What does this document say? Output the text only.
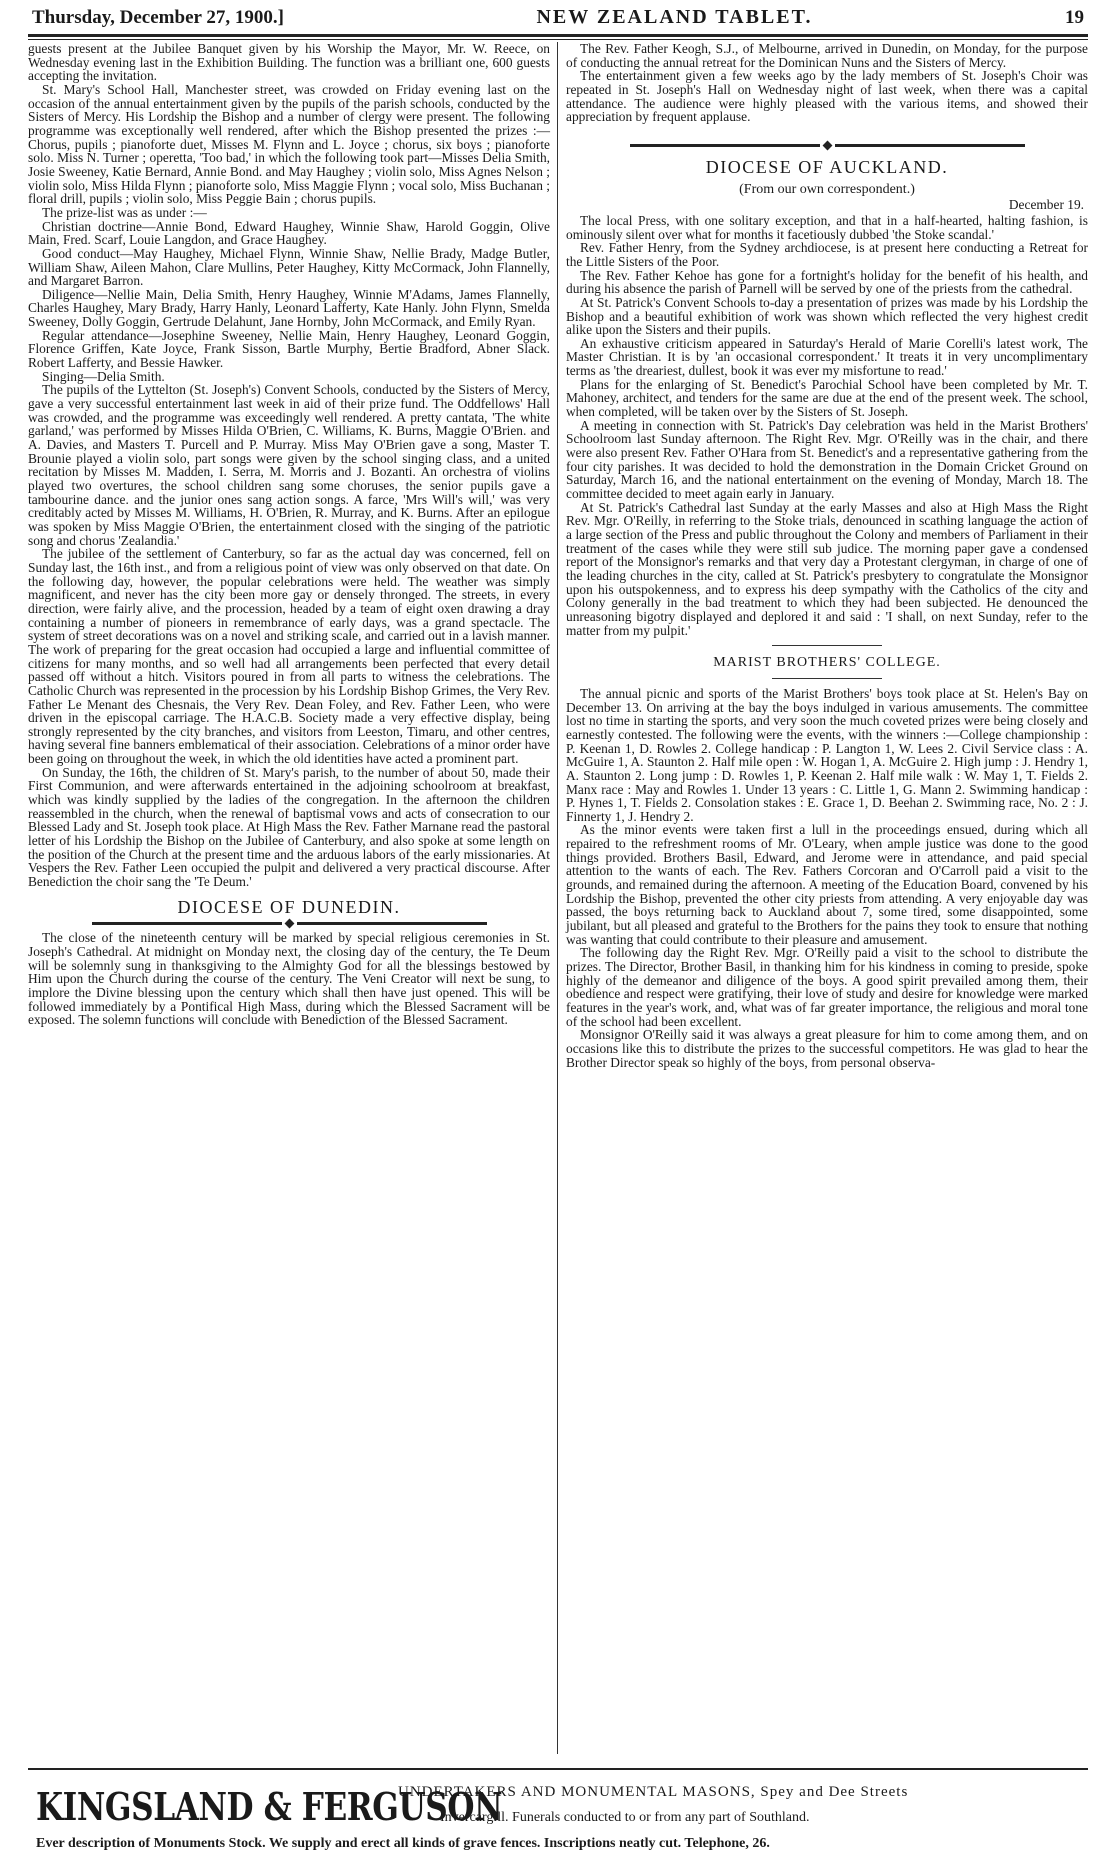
Thursday, December 27, 1900.]	NEW ZEALAND TABLET.	19

guests present at the Jubilee Banquet given by his Worship the Mayor, Mr. W. Reece, on Wednesday evening last in the Exhibition Building. The function was a brilliant one, 600 guests accepting the invitation.

St. Mary's School Hall, Manchester street, was crowded on Friday evening last on the occasion of the annual entertainment given by the pupils of the parish schools, conducted by the Sisters of Mercy. His Lordship the Bishop and a number of clergy were present. The following programme was exceptionally well rendered, after which the Bishop presented the prizes :—Chorus, pupils ; pianoforte duet, Misses M. Flynn and L. Joyce ; chorus, six boys ; pianoforte solo. Miss N. Turner ; operetta, 'Too bad,' in which the following took part—Misses Delia Smith, Josie Sweeney, Katie Bernard, Annie Bond. and May Haughey ; violin solo, Miss Agnes Nelson ; violin solo, Miss Hilda Flynn ; pianoforte solo, Miss Maggie Flynn ; vocal solo, Miss Buchanan ; floral drill, pupils ; violin solo, Miss Peggie Bain ; chorus pupils.

The prize-list was as under :—

Christian doctrine—Annie Bond, Edward Haughey, Winnie Shaw, Harold Goggin, Olive Main, Fred. Scarf, Louie Langdon, and Grace Haughey.

Good conduct—May Haughey, Michael Flynn, Winnie Shaw, Nellie Brady, Madge Butler, William Shaw, Aileen Mahon, Clare Mullins, Peter Haughey, Kitty McCormack, John Flannelly, and Margaret Barron.

Diligence—Nellie Main, Delia Smith, Henry Haughey, Winnie M'Adams, James Flannelly, Charles Haughey, Mary Brady, Harry Hanly, Leonard Lafferty, Kate Hanly. John Flynn, Smelda Sweeney, Dolly Goggin, Gertrude Delahunt, Jane Hornby, John McCormack, and Emily Ryan.

Regular attendance—Josephine Sweeney, Nellie Main, Henry Haughey, Leonard Goggin, Florence Griffen, Kate Joyce, Frank Sisson, Bartle Murphy, Bertie Bradford, Abner Slack. Robert Lafferty, and Bessie Hawker.

Singing—Delia Smith.

The pupils of the Lyttelton (St. Joseph's) Convent Schools, conducted by the Sisters of Mercy, gave a very successful entertainment last week in aid of their prize fund. The Oddfellows' Hall was crowded, and the programme was exceedingly well rendered. A pretty cantata, 'The white garland,' was performed by Misses Hilda O'Brien, C. Williams, K. Burns, Maggie O'Brien. and A. Davies, and Masters T. Purcell and P. Murray. Miss May O'Brien gave a song, Master T. Brounie played a violin solo, part songs were given by the school singing class, and a united recitation by Misses M. Madden, I. Serra, M. Morris and J. Bozanti. An orchestra of violins played two overtures, the school children sang some choruses, the senior pupils gave a tambourine dance. and the junior ones sang action songs. A farce, 'Mrs Will's will,' was very creditably acted by Misses M. Williams, H. O'Brien, R. Murray, and K. Burns. After an epilogue was spoken by Miss Maggie O'Brien, the entertainment closed with the singing of the patriotic song and chorus 'Zealandia.'

The jubilee of the settlement of Canterbury, so far as the actual day was concerned, fell on Sunday last, the 16th inst., and from a religious point of view was only observed on that date. On the following day, however, the popular celebrations were held. The weather was simply magnificent, and never has the city been more gay or densely thronged. The streets, in every direction, were fairly alive, and the procession, headed by a team of eight oxen drawing a dray containing a number of pioneers in remembrance of early days, was a grand spectacle. The system of street decorations was on a novel and striking scale, and carried out in a lavish manner. The work of preparing for the great occasion had occupied a large and influential committee of citizens for many months, and so well had all arrangements been perfected that every detail passed off without a hitch. Visitors poured in from all parts to witness the celebrations. The Catholic Church was represented in the procession by his Lordship Bishop Grimes, the Very Rev. Father Le Menant des Chesnais, the Very Rev. Dean Foley, and Rev. Father Leen, who were driven in the episcopal carriage. The H.A.C.B. Society made a very effective display, being strongly represented by the city branches, and visitors from Leeston, Timaru, and other centres, having several fine banners emblematical of their association. Celebrations of a minor order have been going on throughout the week, in which the old identities have acted a prominent part.

On Sunday, the 16th, the children of St. Mary's parish, to the number of about 50, made their First Communion, and were afterwards entertained in the adjoining schoolroom at breakfast, which was kindly supplied by the ladies of the congregation. In the afternoon the children reassembled in the church, when the renewal of baptismal vows and acts of consecration to our Blessed Lady and St. Joseph took place. At High Mass the Rev. Father Marnane read the pastoral letter of his Lordship the Bishop on the Jubilee of Canterbury, and also spoke at some length on the position of the Church at the present time and the arduous labors of the early missionaries. At Vespers the Rev. Father Leen occupied the pulpit and delivered a very practical discourse. After Benediction the choir sang the 'Te Deum.'

DIOCESE OF DUNEDIN.

The close of the nineteenth century will be marked by special religious ceremonies in St. Joseph's Cathedral. At midnight on Monday next, the closing day of the century, the Te Deum will be solemnly sung in thanksgiving to the Almighty God for all the blessings bestowed by Him upon the Church during the course of the century. The Veni Creator will next be sung, to implore the Divine blessing upon the century which shall then have just opened. This will be followed immediately by a Pontifical High Mass, during which the Blessed Sacrament will be exposed. The solemn functions will conclude with Benediction of the Blessed Sacrament.

The Rev. Father Keogh, S.J., of Melbourne, arrived in Dunedin, on Monday, for the purpose of conducting the annual retreat for the Dominican Nuns and the Sisters of Mercy.

The entertainment given a few weeks ago by the lady members of St. Joseph's Choir was repeated in St. Joseph's Hall on Wednesday night of last week, when there was a capital attendance. The audience were highly pleased with the various items, and showed their appreciation by frequent applause.

DIOCESE OF AUCKLAND.
(From our own correspondent.)
December 19.

The local Press, with one solitary exception, and that in a half-hearted, halting fashion, is ominously silent over what for months it facetiously dubbed 'the Stoke scandal.'

Rev. Father Henry, from the Sydney archdiocese, is at present here conducting a Retreat for the Little Sisters of the Poor.

The Rev. Father Kehoe has gone for a fortnight's holiday for the benefit of his health, and during his absence the parish of Parnell will be served by one of the priests from the cathedral.

At St. Patrick's Convent Schools to-day a presentation of prizes was made by his Lordship the Bishop and a beautiful exhibition of work was shown which reflected the very highest credit alike upon the Sisters and their pupils.

An exhaustive criticism appeared in Saturday's Herald of Marie Corelli's latest work, The Master Christian. It is by 'an occasional correspondent.' It treats it in very uncomplimentary terms as 'the dreariest, dullest, book it was ever my misfortune to read.'

Plans for the enlarging of St. Benedict's Parochial School have been completed by Mr. T. Mahoney, architect, and tenders for the same are due at the end of the present week. The school, when completed, will be taken over by the Sisters of St. Joseph.

A meeting in connection with St. Patrick's Day celebration was held in the Marist Brothers' Schoolroom last Sunday afternoon. The Right Rev. Mgr. O'Reilly was in the chair, and there were also present Rev. Father O'Hara from St. Benedict's and a representative gathering from the four city parishes. It was decided to hold the demonstration in the Domain Cricket Ground on Saturday, March 16, and the national entertainment on the evening of Monday, March 18. The committee decided to meet again early in January.

At St. Patrick's Cathedral last Sunday at the early Masses and also at High Mass the Right Rev. Mgr. O'Reilly, in referring to the Stoke trials, denounced in scathing language the action of a large section of the Press and public throughout the Colony and members of Parliament in their treatment of the cases while they were still sub judice. The morning paper gave a condensed report of the Monsignor's remarks and that very day a Protestant clergyman, in charge of one of the leading churches in the city, called at St. Patrick's presbytery to congratulate the Monsignor upon his outspokenness, and to express his deep sympathy with the Catholics of the city and Colony generally in the bad treatment to which they had been subjected. He denounced the unreasoning bigotry displayed and deplored it and said : 'I shall, on next Sunday, refer to the matter from my pulpit.'

MARIST BROTHERS' COLLEGE.

The annual picnic and sports of the Marist Brothers' boys took place at St. Helen's Bay on December 13. On arriving at the bay the boys indulged in various amusements. The committee lost no time in starting the sports, and very soon the much coveted prizes were being closely and earnestly contested. The following were the events, with the winners :—College championship : P. Keenan 1, D. Rowles 2. College handicap : P. Langton 1, W. Lees 2. Civil Service class : A. McGuire 1, A. Staunton 2. Half mile open : W. Hogan 1, A. McGuire 2. High jump : J. Hendry 1, A. Staunton 2. Long jump : D. Rowles 1, P. Keenan 2. Half mile walk : W. May 1, T. Fields 2. Manx race : May and Rowles 1. Under 13 years : C. Little 1, G. Mann 2. Swimming handicap : P. Hynes 1, T. Fields 2. Consolation stakes : E. Grace 1, D. Beehan 2. Swimming race, No. 2 : J. Finnerty 1, J. Hendry 2.

As the minor events were taken first a lull in the proceedings ensued, during which all repaired to the refreshment rooms of Mr. O'Leary, when ample justice was done to the good things provided. Brothers Basil, Edward, and Jerome were in attendance, and paid special attention to the wants of each. The Rev. Fathers Corcoran and O'Carroll paid a visit to the grounds, and remained during the afternoon. A meeting of the Education Board, convened by his Lordship the Bishop, prevented the other city priests from attending. A very enjoyable day was passed, the boys returning back to Auckland about 7, some tired, some disappointed, some jubilant, but all pleased and grateful to the Brothers for the pains they took to ensure that nothing was wanting that could contribute to their pleasure and amusement.

The following day the Right Rev. Mgr. O'Reilly paid a visit to the school to distribute the prizes. The Director, Brother Basil, in thanking him for his kindness in coming to preside, spoke highly of the demeanor and diligence of the boys. A good spirit prevailed among them, their obedience and respect were gratifying, their love of study and desire for knowledge were marked features in the year's work, and, what was of far greater importance, the religious and moral tone of the school had been excellent.

Monsignor O'Reilly said it was always a great pleasure for him to come among them, and on occasions like this to distribute the prizes to the successful competitors. He was glad to hear the Brother Director speak so highly of the boys, from personal observa-

KINGSLAND & FERGUSON
UNDERTAKERS AND MONUMENTAL MASONS, Spey and Dee Streets
Invercargill. Funerals conducted to or from any part of Southland.
Ever description of Monuments Stock. We supply and erect all kinds of grave fences. Inscriptions neatly cut. Telephone, 26.
